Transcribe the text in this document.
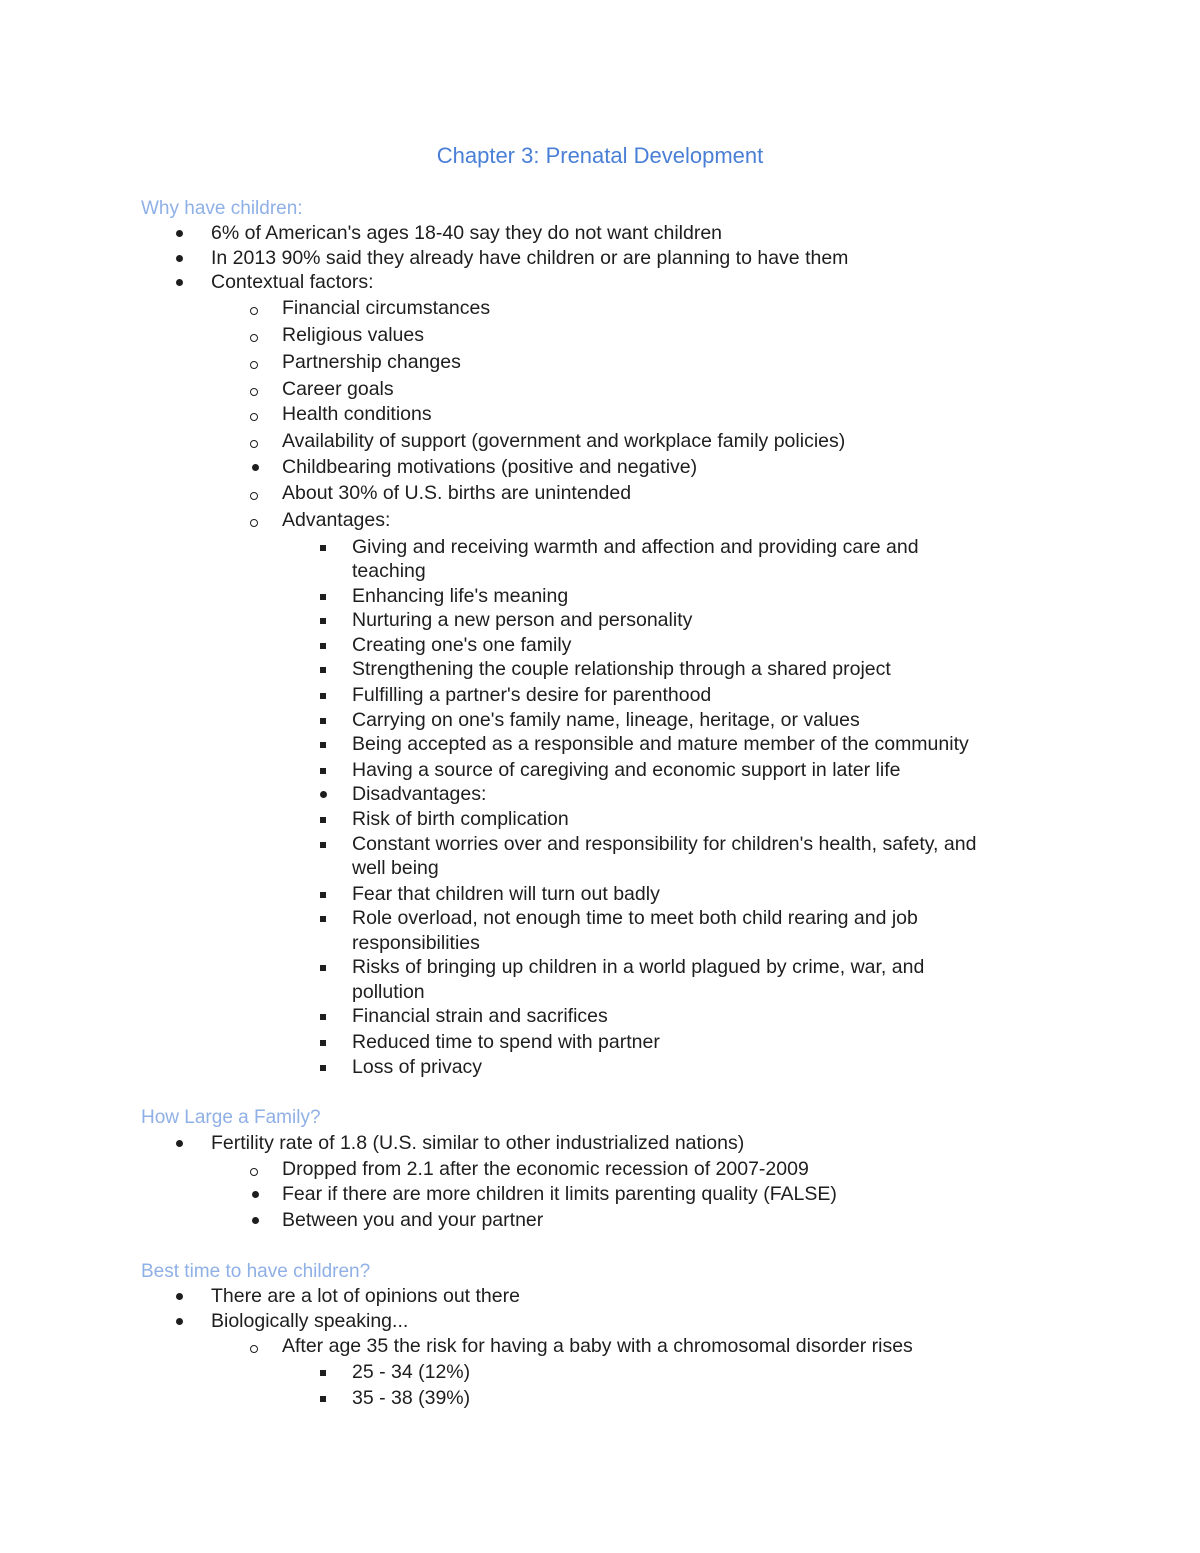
Chapter 3: Prenatal Development
Why have children:
6% of American's ages 18-40 say they do not want children
In 2013 90% said they already have children or are planning to have them
Contextual factors:
Financial circumstances
Religious values
Partnership changes
Career goals
Health conditions
Availability of support (government and workplace family policies)
Childbearing motivations (positive and negative)
About 30% of U.S. births are unintended
Advantages:
Giving and receiving warmth and affection and providing care and
teaching
Enhancing life's meaning
Nurturing a new person and personality
Creating one's one family
Strengthening the couple relationship through a shared project
Fulfilling a partner's desire for parenthood
Carrying on one's family name, lineage, heritage, or values
Being accepted as a responsible and mature member of the community
Having a source of caregiving and economic support in later life
Disadvantages:
Risk of birth complication
Constant worries over and responsibility for children's health, safety, and
well being
Fear that children will turn out badly
Role overload, not enough time to meet both child rearing and job
responsibilities
Risks of bringing up children in a world plagued by crime, war, and
pollution
Financial strain and sacrifices
Reduced time to spend with partner
Loss of privacy
How Large a Family?
Fertility rate of 1.8 (U.S. similar to other industrialized nations)
Dropped from 2.1 after the economic recession of 2007-2009
Fear if there are more children it limits parenting quality (FALSE)
Between you and your partner
Best time to have children?
There are a lot of opinions out there
Biologically speaking...
After age 35 the risk for having a baby with a chromosomal disorder rises
25 - 34 (12%)
35 - 38 (39%)
